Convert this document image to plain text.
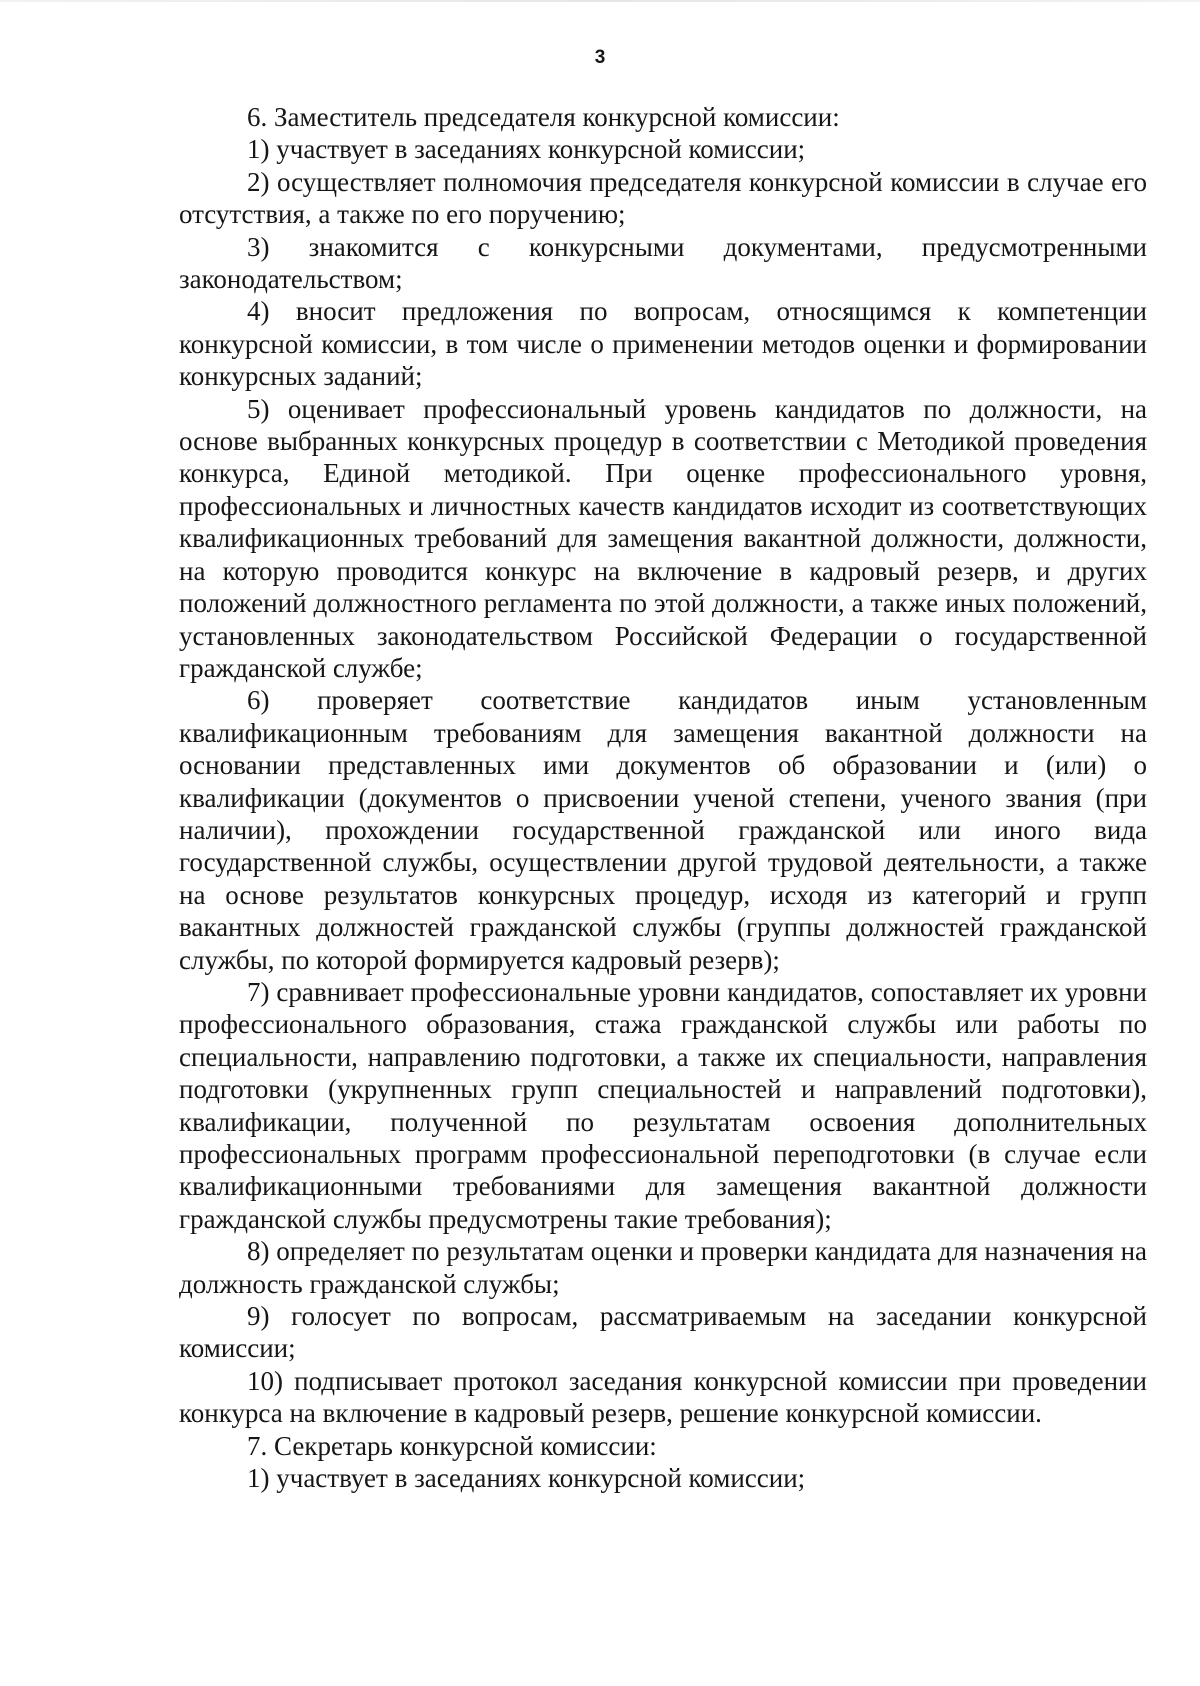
3

6. Заместитель председателя конкурсной комиссии:

1) участвует в заседаниях конкурсной комиссии;

2) осуществляет полномочия председателя конкурсной комиссии в случае его отсутствия, а также по его поручению;

3) знакомится с конкурсными документами, предусмотренными законодательством;

4) вносит предложения по вопросам, относящимся к компетенции конкурсной комиссии, в том числе о применении методов оценки и формировании конкурсных заданий;

5) оценивает профессиональный уровень кандидатов по должности, на основе выбранных конкурсных процедур в соответствии с Методикой проведения конкурса, Единой методикой. При оценке профессионального уровня, профессиональных и личностных качеств кандидатов исходит из соответствующих квалификационных требований для замещения вакантной должности, должности, на которую проводится конкурс на включение в кадровый резерв, и других положений должностного регламента по этой должности, а также иных положений, установленных законодательством Российской Федерации о государственной гражданской службе;

6) проверяет соответствие кандидатов иным установленным квалификационным требованиям для замещения вакантной должности на основании представленных ими документов об образовании и (или) о квалификации (документов о присвоении ученой степени, ученого звания (при наличии), прохождении государственной гражданской или иного вида государственной службы, осуществлении другой трудовой деятельности, а также на основе результатов конкурсных процедур, исходя из категорий и групп вакантных должностей гражданской службы (группы должностей гражданской службы, по которой формируется кадровый резерв);

7) сравнивает профессиональные уровни кандидатов, сопоставляет их уровни профессионального образования, стажа гражданской службы или работы по специальности, направлению подготовки, а также их специальности, направления подготовки (укрупненных групп специальностей и направлений подготовки), квалификации, полученной по результатам освоения дополнительных профессиональных программ профессиональной переподготовки (в случае если квалификационными требованиями для замещения вакантной должности гражданской службы предусмотрены такие требования);

8) определяет по результатам оценки и проверки кандидата для назначения на должность гражданской службы;

9) голосует по вопросам, рассматриваемым на заседании конкурсной комиссии;

10) подписывает протокол заседания конкурсной комиссии при проведении конкурса на включение в кадровый резерв, решение конкурсной комиссии.

7. Секретарь конкурсной комиссии:

1) участвует в заседаниях конкурсной комиссии;
